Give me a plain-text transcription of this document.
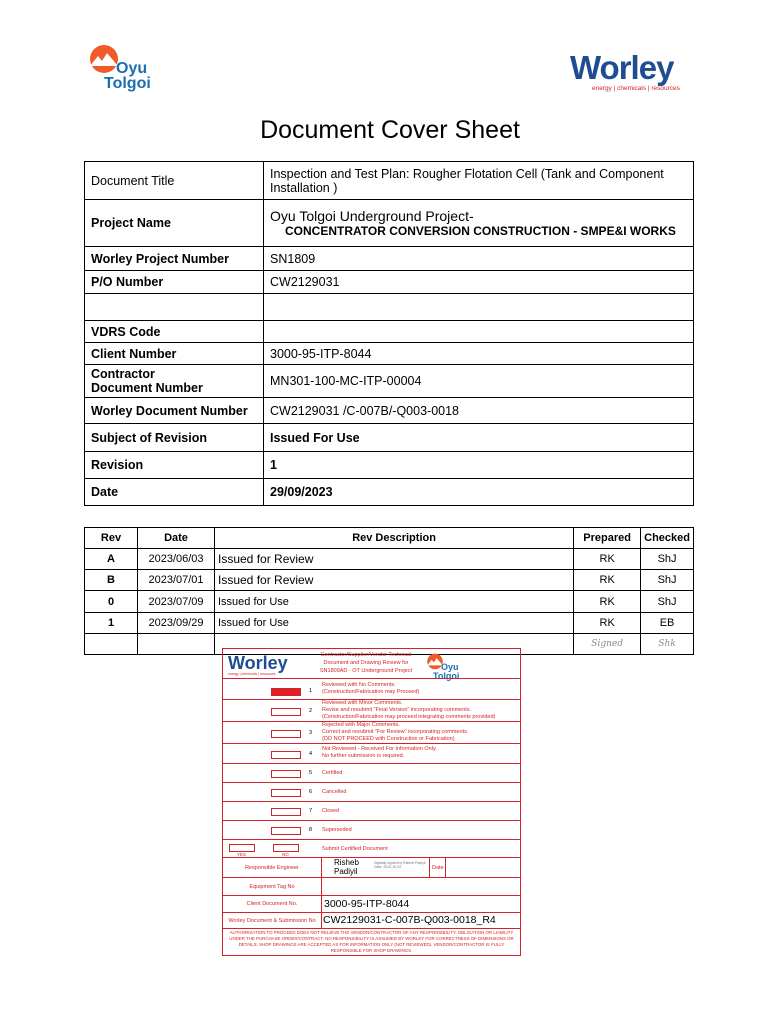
Oyu
Tolgoi	Worley
energy | chemicals | resources
Document Cover Sheet
Document Title	Inspection and Test Plan: Rougher Flotation Cell (Tank and Component Installation )
Project Name	Oyu Tolgoi Underground Project-
CONCENTRATOR CONVERSION CONSTRUCTION - SMPE&I WORKS

Worley Project Number	SN1809
P/O Number	CW2129031

VDRS Code	
Client Number	3000-95-ITP-8044

Contractor
Document Number	MN301-100-MC-ITP-00004
Worley Document Number	CW2129031 /C-007B/-Q003-0018
Subject of Revision	Issued For Use
Revision	1
Date	29/09/2023
Rev	Date	Rev Description	Prepared	Checked
A	2023/06/03	Issued for Review	RK	ShJ
B	2023/07/01	Issued for Review	RK	ShJ
0	2023/07/09	Issued for Use	RK	ShJ
1	2023/09/29	Issued for Use	RK	EB
			Signed	Shk
Worley
energy | chemicals | resources
Contractor/Supplier/Vendor Technical Document and Drawing Review for SN1809AD - OT Underground Project	Oyu
Tolgoi
1
Reviewed with No Comments.
(Construction/Fabrication may Proceed)
2
Reviewed with Minor Comments.
Revise and resubmit "Final Version" incorporating comments.
(Construction/Fabrication may proceed integrating comments provided)
3
Rejected with Major Comments.
Correct and resubmit "For Review" incorporating comments.
(DO NOT PROCEED with Construction or Fabrication)
4
Not Reviewed - Received For Information Only.
No further submission is required.
5 Certified
6 Cancelled
7 Closed
8 Superseded
YES	NO
Submit Certified Document
Responsible Engineer
Risheb
Padiyil
Digitally signed by Risheb Padiyil Date: 2023.10.04	Date
Equipment Tag No
Client Document No.	3000-95-ITP-8044
Worley Document & Submission No CW2129031-C-007B-Q003-0018_R4
AUTHORISATION TO PROCEED DOES NOT RELIEVE THE VENDOR/CONTRACTOR OF ANY RESPONSIBILITY, OBLIGATION OR LIABILITY UNDER THE PURCHASE ORDER/CONTRACT. NO RESPONSIBILITY IS ASSUMED BY WORLEY FOR CORRECTNESS OF DIMENSIONS OR DETAILS. SHOP DRAWINGS ARE ACCEPTED AS FOR INFORMATION ONLY (NOT REVIEWED). VENDOR/CONTRACTOR IS FULLY RESPONSIBLE FOR SHOP DRAWINGS.
